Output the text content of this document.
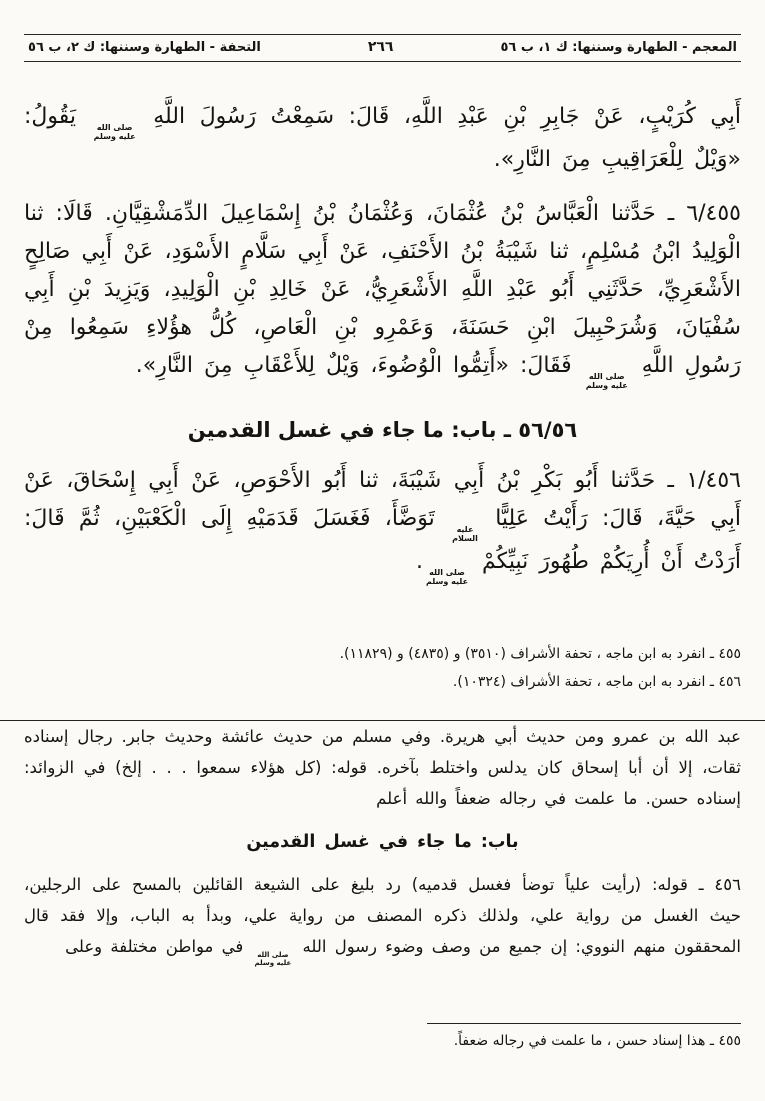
المعجم - الطهارة وسننها: ك ١، ب ٥٦
٢٦٦
التحفة - الطهارة وسننها: ك ٢، ب ٥٦

أَبِي كُرَيْبٍ، عَنْ جَابِرِ بْنِ عَبْدِ اللَّهِ، قَالَ: سَمِعْتُ رَسُولَ اللَّهِ
صلى الله
عليه وسلم
يَقُولُ: «وَيْلٌ لِلْعَرَاقِيبِ مِنَ النَّارِ».

٦/٤٥٥ ـ حَدَّثنا الْعَبَّاسُ بْنُ عُثْمَانَ، وَعُثْمَانُ بْنُ إِسْمَاعِيلَ الدِّمَشْقِيَّانِ. قَالَا: ثنا الْوَلِيدُ ابْنُ مُسْلِمٍ، ثنا شَيْبَةُ بْنُ الأَحْنَفِ، عَنْ أَبِي سَلَّامٍ الأَسْوَدِ، عَنْ أَبِي صَالِحٍ الأَشْعَرِيِّ، حَدَّثَنِي أَبُو عَبْدِ اللَّهِ الأَشْعَرِيُّ، عَنْ خَالِدِ بْنِ الْوَلِيدِ، وَيَزِيدَ بْنِ أَبِي سُفْيَانَ، وَشُرَحْبِيلَ ابْنِ حَسَنَةَ، وَعَمْرِو بْنِ الْعَاصِ، كُلُّ هؤُلاءِ سَمِعُوا مِنْ رَسُولِ اللَّهِ
صلى الله
عليه وسلم
فَقَالَ: «أَتِمُّوا الْوُضُوءَ، وَيْلٌ لِلأَعْقَابِ مِنَ النَّارِ».

٥٦/٥٦ ـ باب: ما جاء في غسل القدمين

١/٤٥٦ ـ حَدَّثنا أَبُو بَكْرِ بْنُ أَبِي شَيْبَةَ، ثنا أَبُو الأَحْوَصِ، عَنْ أَبِي إِسْحَاقَ، عَنْ أَبِي حَيَّةَ، قَالَ: رَأَيْتُ عَلِيًّا
عليه
السلام
تَوَضَّأَ، فَغَسَلَ قَدَمَيْهِ إِلَى الْكَعْبَيْنِ، ثُمَّ قَالَ: أَرَدْتُ أَنْ أُرِيَكُمْ طُهُورَ نَبِيِّكُمْ
صلى الله
عليه وسلم
.

٤٥٥ ـ انفرد به ابن ماجه ، تحفة الأشراف (٣٥١٠) و (٤٨٣٥) و (١١٨٢٩).

٤٥٦ ـ انفرد به ابن ماجه ، تحفة الأشراف (١٠٣٢٤).

عبد الله بن عمرو ومن حديث أبي هريرة. وفي مسلم من حديث عائشة وحديث جابر. رجال إسناده ثقات، إلا أن أبا إسحاق كان يدلس واختلط بآخره. قوله: (كل هؤلاء سمعوا . . . إلخ) في الزوائد: إسناده حسن. ما علمت في رجاله ضعفاً والله أعلم

باب: ما جاء في غسل القدمين

٤٥٦ ـ قوله: (رأيت علياً توضأ فغسل قدميه) رد بليغ على الشيعة القائلين بالمسح على الرجلين، حيث الغسل من رواية علي، ولذلك ذكره المصنف من رواية علي، وبدأ به الباب، وإلا فقد قال المحققون منهم النووي: إن جميع من وصف وضوء رسول الله
صلى الله
عليه وسلم
في مواطن مختلفة وعلى

٤٥٥ ـ هذا إسناد حسن ، ما علمت في رجاله ضعفاً.
